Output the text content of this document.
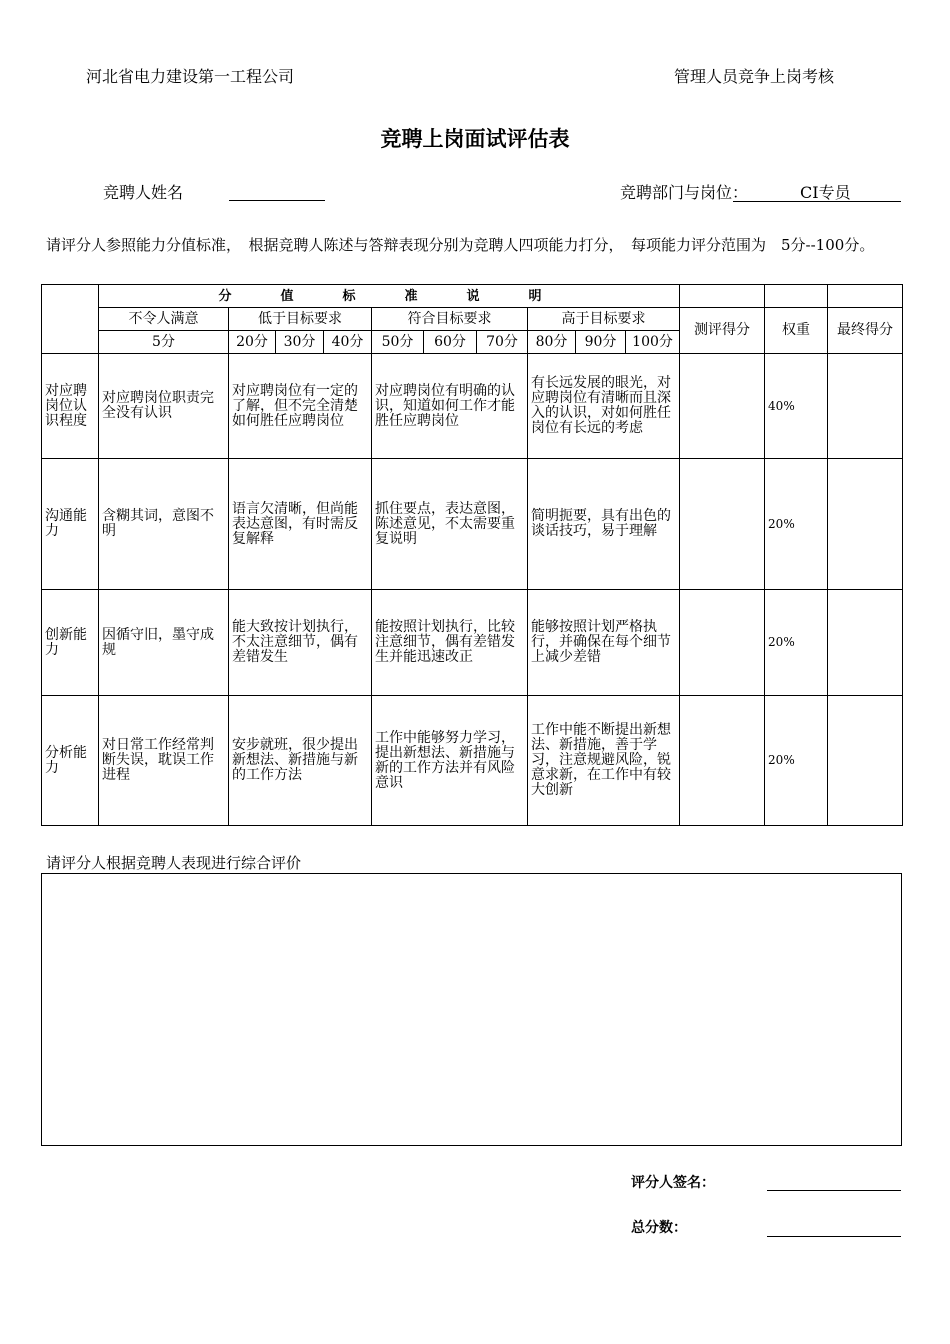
河北省电力建设第一工程公司	管理人员竞争上岗考核
竞聘上岗面试评估表
竞聘人姓名	竞聘部门与岗位：	CI专员
请评分人参照能力分值标准，　根据竞聘人陈述与答辩表现分别为竞聘人四项能力打分，　每项能力评分范围为　5分--100分。
	分　值　标　准　说　明												
	不令人满意	低于目标要求			符合目标要求			高于目标要求			测评得分	权重	最终得分
	5分	20分	30分	40分	50分	60分	70分	80分	90分	100分			
对应聘岗位认识程度	对应聘岗位职责完全没有认识	对应聘岗位有一定的了解，但不完全清楚如何胜任应聘岗位			对应聘岗位有明确的认识，知道如何工作才能胜任应聘岗位			有长远发展的眼光，对应聘岗位有清晰而且深入的认识，对如何胜任岗位有长远的考虑				40%	
沟通能力	含糊其词，意图不明	语言欠清晰，但尚能表达意图，有时需反复解释			抓住要点，表达意图，陈述意见，不太需要重复说明			简明扼要，具有出色的谈话技巧，易于理解				20%	
创新能力	因循守旧，墨守成规	能大致按计划执行，不太注意细节，偶有差错发生			能按照计划执行，比较注意细节，偶有差错发生并能迅速改正			能够按照计划严格执行，并确保在每个细节上减少差错				20%	
分析能力	对日常工作经常判断失误，耽误工作进程	安步就班，很少提出新想法、新措施与新的工作方法			工作中能够努力学习，提出新想法、新措施与新的工作方法并有风险意识			工作中能不断提出新想法、新措施，善于学习，注意规避风险，锐意求新，在工作中有较大创新				20%	
请评分人根据竞聘人表现进行综合评价
评分人签名：
总分数：
